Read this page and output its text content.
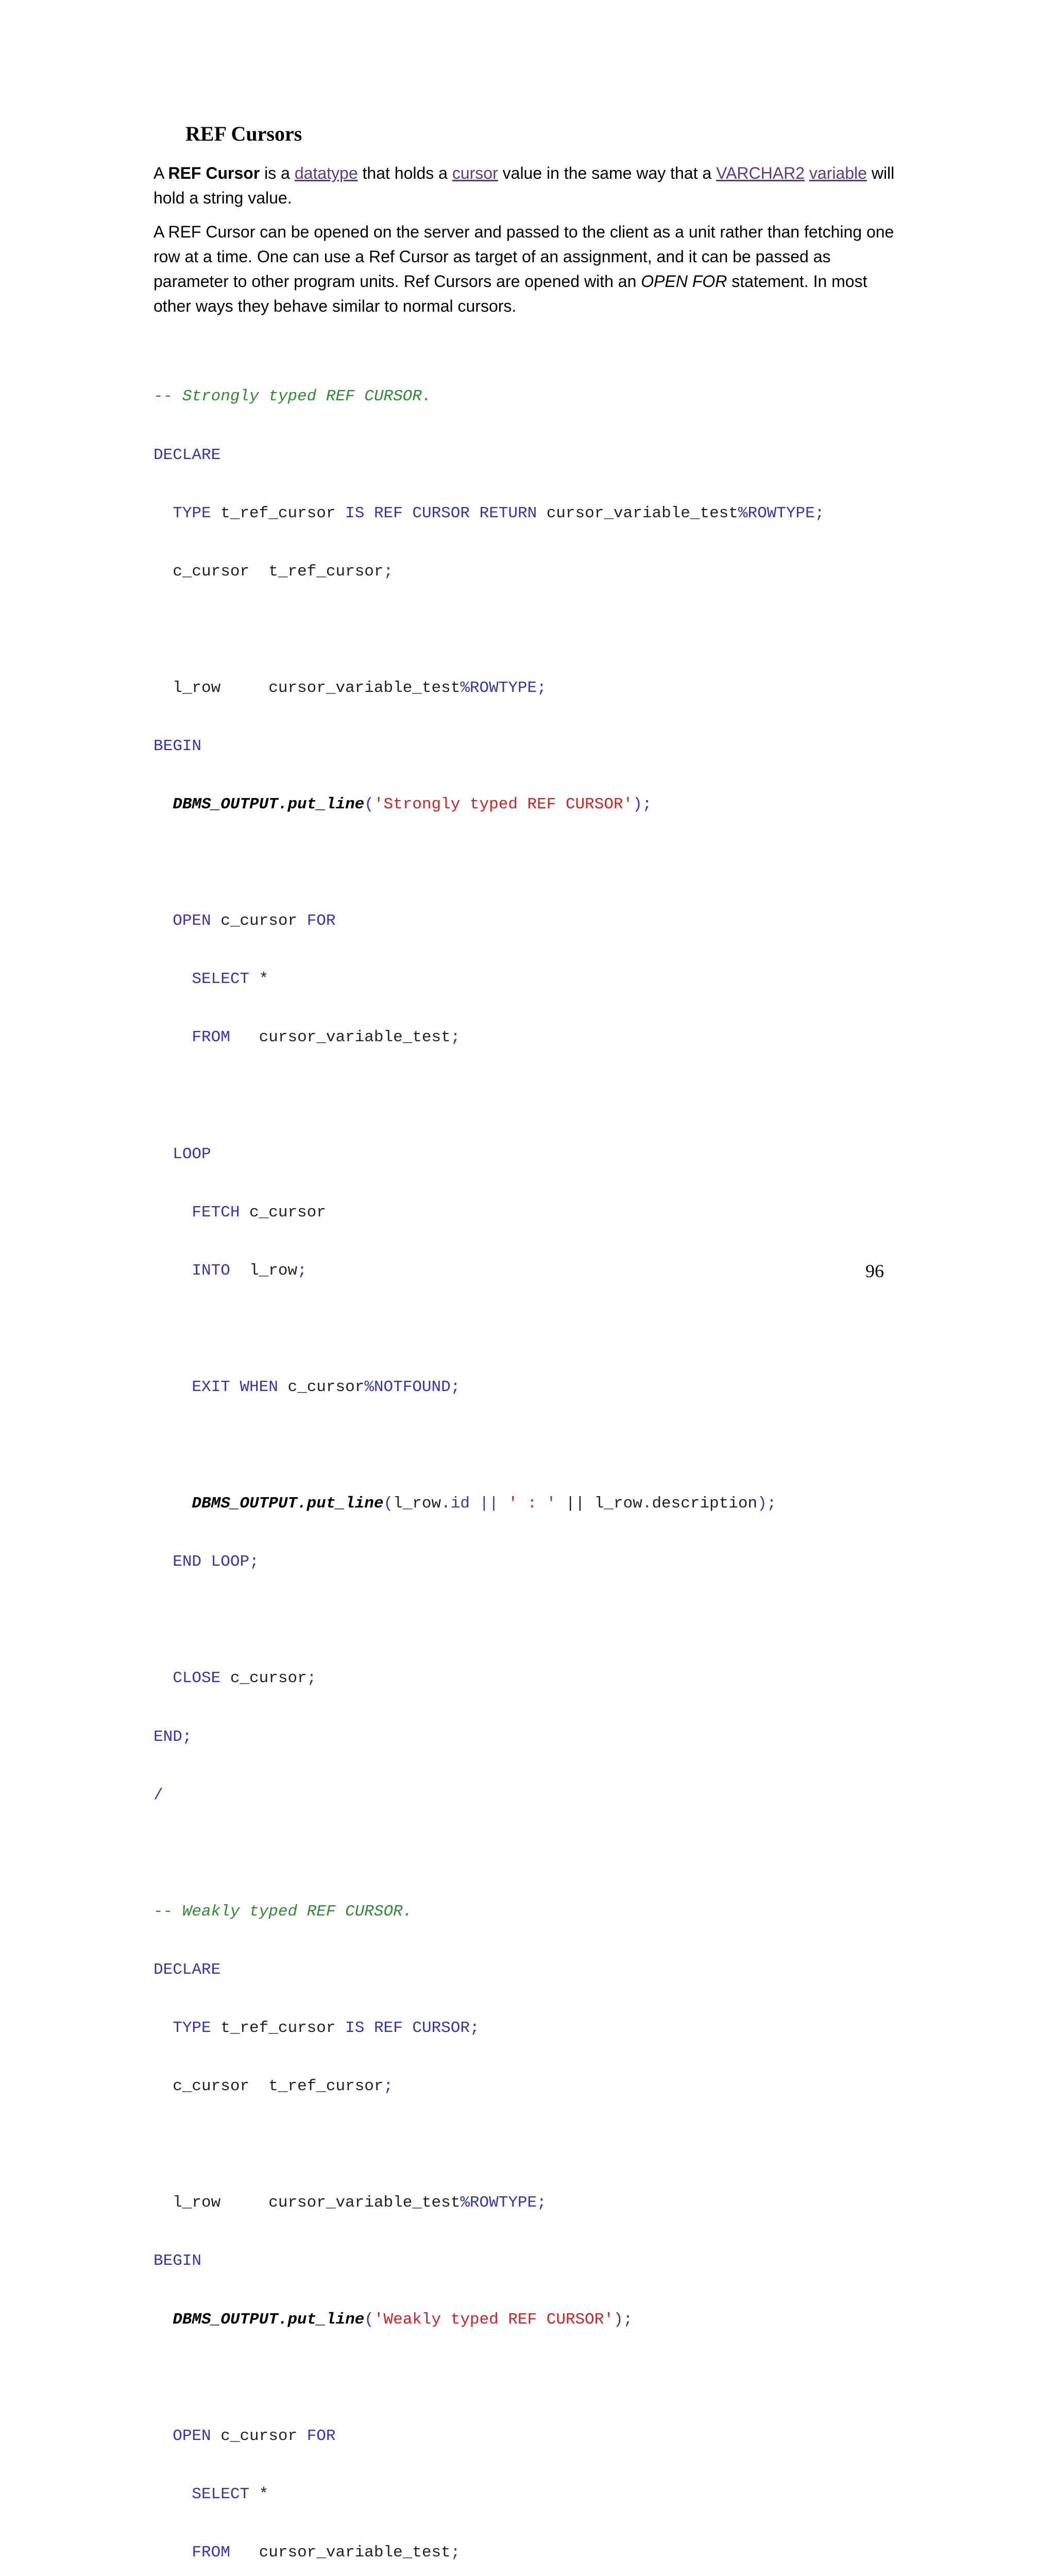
REF Cursors

A REF Cursor is a datatype that holds a cursor value in the same way that a VARCHAR2 variable will hold a string value.

A REF Cursor can be opened on the server and passed to the client as a unit rather than fetching one row at a time. One can use a Ref Cursor as target of an assignment, and it can be passed as parameter to other program units. Ref Cursors are opened with an OPEN FOR statement. In most other ways they behave similar to normal cursors.

-- Strongly typed REF CURSOR.

DECLARE

TYPE t_ref_cursor IS REF CURSOR RETURN cursor_variable_test%ROWTYPE;

c_cursor t_ref_cursor;

l_row	cursor_variable_test%ROWTYPE;

BEGIN

DBMS_OUTPUT.put_line('Strongly typed REF CURSOR');

OPEN c_cursor FOR

SELECT *

FROM cursor_variable_test;

LOOP

FETCH c_cursor

INTO l_row;

EXIT WHEN c_cursor%NOTFOUND;

DBMS_OUTPUT.put_line(l_row.id || ' : ' || l_row.description);

END LOOP;

CLOSE c_cursor;

END;

/

-- Weakly typed REF CURSOR.

DECLARE

TYPE t_ref_cursor IS REF CURSOR;

c_cursor t_ref_cursor;

l_row	cursor_variable_test%ROWTYPE;

BEGIN

DBMS_OUTPUT.put_line('Weakly typed REF CURSOR');

OPEN c_cursor FOR

SELECT *

FROM cursor_variable_test;

96
